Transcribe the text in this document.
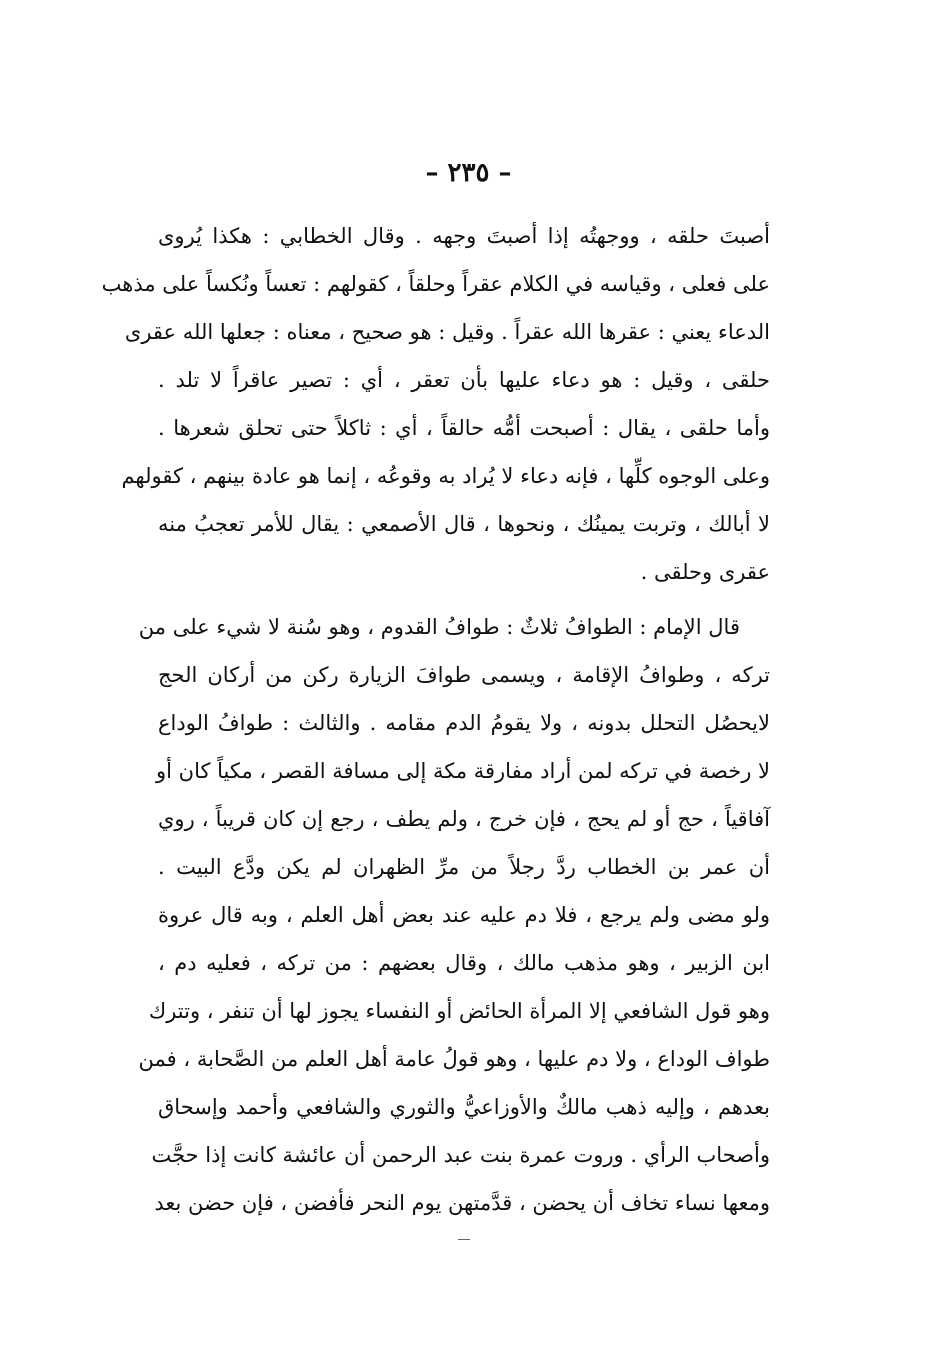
– ٢٣٥ –
أصبتَ حلقه ، ووجهتُه إذا أصبتَ وجهه . وقال الخطابي : هكذا يُروى
على فعلى ، وقياسه في الكلام عقراً وحلقاً ، كقولهم : تعساً ونُكساً على مذهب
الدعاء يعني : عقرها الله عقراً . وقيل : هو صحيح ، معناه : جعلها الله عقرى
حلقى ، وقيل : هو دعاء عليها بأن تعقر ، أي : تصير عاقراً لا تلد .
وأما حلقى ، يقال : أصبحت أمُّه حالقاً ، أي : ثاكلاً حتى تحلق شعرها .
وعلى الوجوه كلِّها ، فإنه دعاء لا يُراد به وقوعُه ، إنما هو عادة بينهم ، كقولهم
لا أبالك ، وتربت يمينُك ، ونحوها ، قال الأصمعي : يقال للأمر تعجبُ منه
عقرى وحلقى .
قال الإمام : الطوافُ ثلاثٌ : طوافُ القدوم ، وهو سُنة لا شيء على من
تركه ، وطوافُ الإقامة ، ويسمى طوافَ الزيارة ركن من أركان الحج
لايحصُل التحلل بدونه ، ولا يقومُ الدم مقامه . والثالث : طوافُ الوداع
لا رخصة في تركه لمن أراد مفارقة مكة إلى مسافة القصر ، مكياً كان أو
آفاقياً ، حج أو لم يحج ، فإن خرج ، ولم يطف ، رجع إن كان قريباً ، روي
أن عمر بن الخطاب ردَّ رجلاً من مرِّ الظهران لم يكن ودَّع البيت .
ولو مضى ولم يرجع ، فلا دم عليه عند بعض أهل العلم ، وبه قال عروة
ابن الزبير ، وهو مذهب مالك ، وقال بعضهم : من تركه ، فعليه دم ،
وهو قول الشافعي إلا المرأة الحائض أو النفساء يجوز لها أن تنفر ، وتترك
طواف الوداع ، ولا دم عليها ، وهو قولُ عامة أهل العلم من الصَّحابة ، فمن
بعدهم ، وإليه ذهب مالكٌ والأوزاعيُّ والثوري والشافعي وأحمد وإسحاق
وأصحاب الرأي . وروت عمرة بنت عبد الرحمن أن عائشة كانت إذا حجَّت
ومعها نساء تخاف أن يحضن ، قدَّمتهن يوم النحر فأفضن ، فإن حضن بعد
